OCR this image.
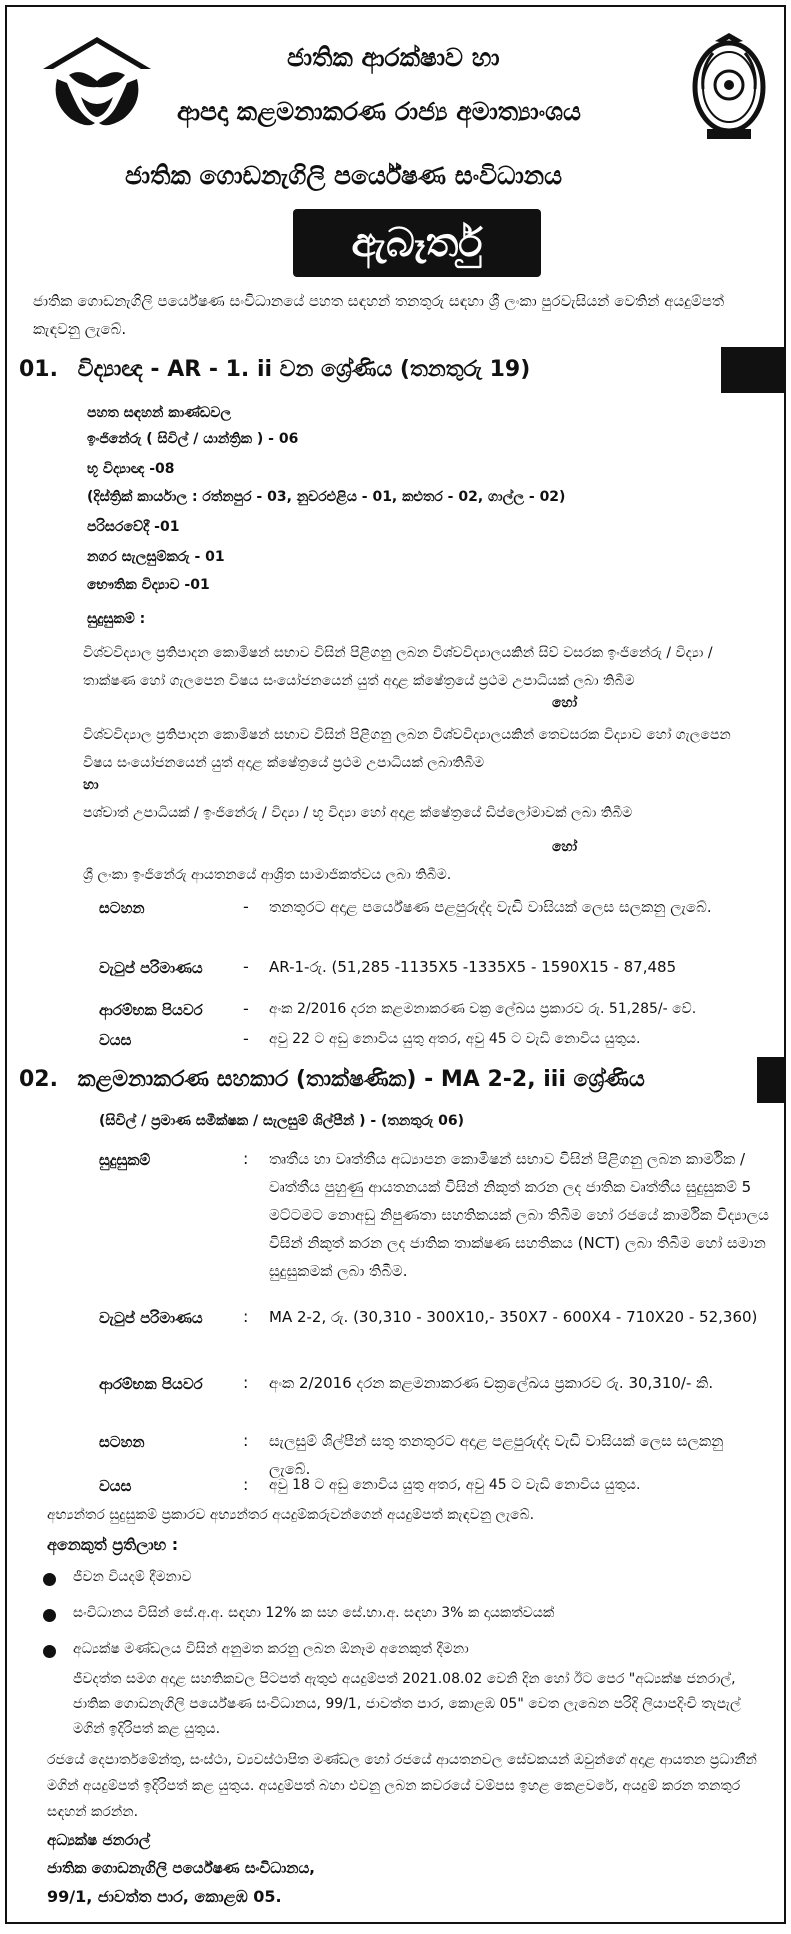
ජාතික ආරක්ෂාව හා
ආපදා කළමනාකරණ රාජ්‍ය අමාත්‍යාංශය
ජාතික ගොඩනැගිලි පර්යේෂණ සංවිධානය
ඇබෑර්තු
ජාතික ගොඩනැගිලි පර්යේෂණ සංවිධානයේ පහත සඳහන් තනතුරු සඳහා ශ්‍රී ලංකා පුරවැසියන් වෙතින් අයදුම්පත් කැඳවනු ලැබේ.
01. විද්‍යාඥ - AR - 1. ii වන ශ්‍රේණිය (තනතුරු 19)
පහත සඳහන් කාණ්ඩවල
ඉංජිනේරු ( සිවිල් / යාන්ත්‍රික ) - 06
භූ විද්‍යාඥ -08
(දිස්ත්‍රික් කාර්යාල : රත්නපුර - 03, නුවරඑළිය - 01, කළුතර - 02, ගාල්ල - 02)
පරිසරවේදී -01
නගර සැලසුම්කරු - 01
භෞතික විද්‍යාව -01
සුදුසුකම් :
විශ්වවිද්‍යාල ප්‍රතිපාදන කොමිෂන් සභාව විසින් පිළිගනු ලබන විශ්වවිද්‍යාලයකින් සිව් වසරක ඉංජිනේරු / විද්‍යා / තාක්ෂණ හෝ ගැලපෙන විෂය සංයෝජනයෙන් යුත් අදාළ ක්ෂේත්‍රයේ ප්‍රථම උපාධියක් ලබා තිබීම
හෝ
විශ්වවිද්‍යාල ප්‍රතිපාදන කොමිෂන් සභාව විසින් පිළිගනු ලබන විශ්වවිද්‍යාලයකින් තෙවසරක විද්‍යාව හෝ ගැලපෙන විෂය සංයෝජනයෙන් යුත් අදාළ ක්ෂේත්‍රයේ ප්‍රථම උපාධියක් ලබාතිබීම
හා
පශ්චාත් උපාධියක් / ඉංජිනේරු / විද්‍යා / භූ විද්‍යා හෝ අදාළ ක්ෂේත්‍රයේ ඩිප්ලෝමාවක් ලබා තිබීම
හෝ
ශ්‍රී ලංකා ඉංජිනේරු ආයතනයේ ආශ්‍රිත සාමාජිකත්වය ලබා තිබීම.
සටහන	- තනතුරට අදාළ පර්යේෂණ පළපුරුද්ද වැඩි වාසියක් ලෙස සලකනු ලැබේ.
වැටුප් පරිමාණය	- AR-1-රු. (51,285 -1135X5 -1335X5 - 1590X15 - 87,485
ආරම්භක පියවර	- අංක 2/2016 දරන කළමනාකරණ චක්‍ර ලේඛය ප්‍රකාරව රු. 51,285/- වේ.
වයස	- අවු 22 ට අඩු නොවිය යුතු අතර, අවු 45 ට වැඩි නොවිය යුතුය.
02. කළමනාකරණ සහකාර (තාක්ෂණික) - MA 2-2, iii ශ්‍රේණිය
(සිවිල් / ප්‍රමාණ සමීක්ෂක / සැලසුම් ශිල්පීන් ) - (තනතුරු 06)
සුදුසුකම්	: තෘතීය හා වෘත්තීය අධ්‍යාපන කොමිෂන් සභාව විසින් පිළිගනු ලබන කාර්මික / වෘත්තීය පුහුණු ආයතනයක් විසින් නිකුත් කරන ලද ජාතික වෘත්තීය සුදුසුකම් 5 මට්ටමට නොඅඩු නිපුණතා සහතිකයක් ලබා තිබීම හෝ රජයේ කාර්මික විද්‍යාලය විසින් නිකුත් කරන ලද ජාතික තාක්ෂණ සහතිකය (NCT) ලබා තිබීම හෝ සමාන සුදුසුකමක් ලබා තිබීම.
වැටුප් පරිමාණය	: MA 2-2, රු. (30,310 - 300X10,- 350X7 - 600X4 - 710X20 - 52,360)
ආරම්භක පියවර	: අංක 2/2016 දරන කළමනාකරණ චක්‍රලේඛය ප්‍රකාරව රු. 30,310/- කි.
සටහන	: සැලසුම් ශිල්පීන් සතු තනතුරට අදාළ පළපුරුද්ද වැඩි වාසියක් ලෙස සලකනු ලැබේ.
වයස	: අවු 18 ට අඩු නොවිය යුතු අතර, අවු 45 ට වැඩි නොවිය යුතුය.
අභ්‍යන්තර සුදුසුකම් ප්‍රකාරව අභ්‍යන්තර අයදුම්කරුවන්ගෙන් අයදුම්පත් කැඳවනු ලැබේ.
අනෙකුත් ප්‍රතිලාභ :
ජීවන වියදම් දීමනාව
සංවිධානය විසින් සේ.අ.අ. සඳහා 12% ක සහ සේ.භා.අ. සඳහා 3% ක දායකත්වයක්
අධ්‍යක්ෂ මණ්ඩලය විසින් අනුමත කරනු ලබන ඕනෑම අනෙකුත් දීමනා
ජීවදත්ත සමග අදාළ සහතිකවල පිටපත් ඇතුළු අයදුම්පත් 2021.08.02 වෙනි දින හෝ ඊට පෙර "අධ්‍යක්ෂ ජනරාල්, ජාතික ගොඩනැගිලි පර්යේෂණ සංවිධානය, 99/1, ජාවත්ත පාර, කොළඹ 05" වෙත ලැබෙන පරිදි ලියාපදිංචි තැපැල් මගින් ඉදිරිපත් කළ යුතුය.
රජයේ දෙපාර්තමේන්තු, සංස්ථා, ව්‍යවස්ථාපිත මණ්ඩල හෝ රජයේ ආයතනවල සේවකයන් ඔවුන්ගේ අදාළ ආයතන ප්‍රධානීන් මගින් අයදුම්පත් ඉදිරිපත් කළ යුතුය. අයදුම්පත් බහා එවනු ලබන කවරයේ වම්පස ඉහළ කෙළවරේ, අයදුම් කරන තනතුර සඳහන් කරන්න.
අධ්‍යක්ෂ ජනරාල්
ජාතික ගොඩනැගිලි පර්යේෂණ සංවිධානය,
99/1, ජාවත්ත පාර, කොළඹ 05.
